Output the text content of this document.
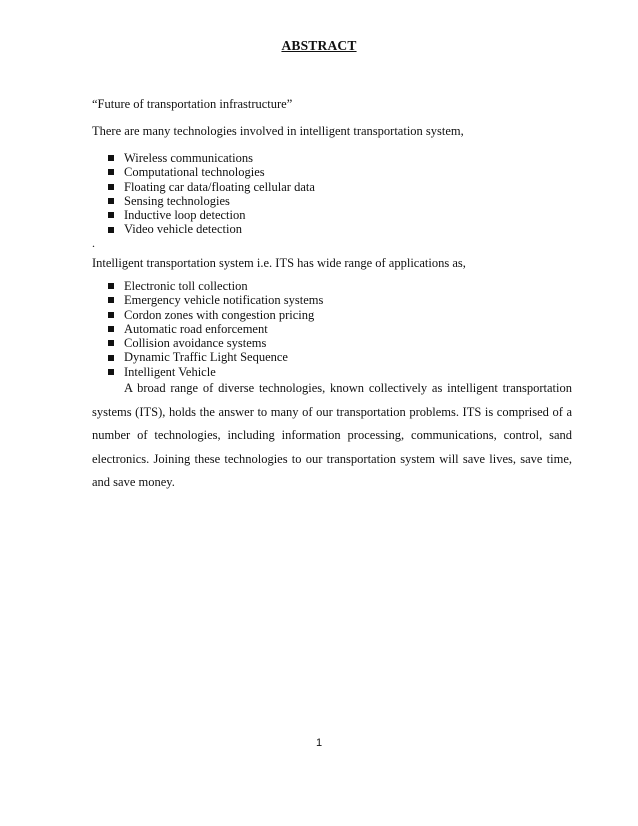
ABSTRACT
“Future of transportation infrastructure”
There are many technologies involved in intelligent transportation system,
Wireless communications
Computational technologies
Floating car data/floating cellular data
Sensing technologies
Inductive loop detection
Video vehicle detection
.
Intelligent transportation system i.e. ITS has wide range of applications as,
Electronic toll collection
Emergency vehicle notification systems
Cordon zones with congestion pricing
Automatic road enforcement
Collision avoidance systems
Dynamic Traffic Light Sequence
Intelligent Vehicle

A broad range of diverse technologies, known collectively as intelligent transportation systems (ITS), holds the answer to many of our transportation problems. ITS is comprised of a number of technologies, including information processing, communications, control, sand electronics. Joining these technologies to our transportation system will save lives, save time, and save money.

1
